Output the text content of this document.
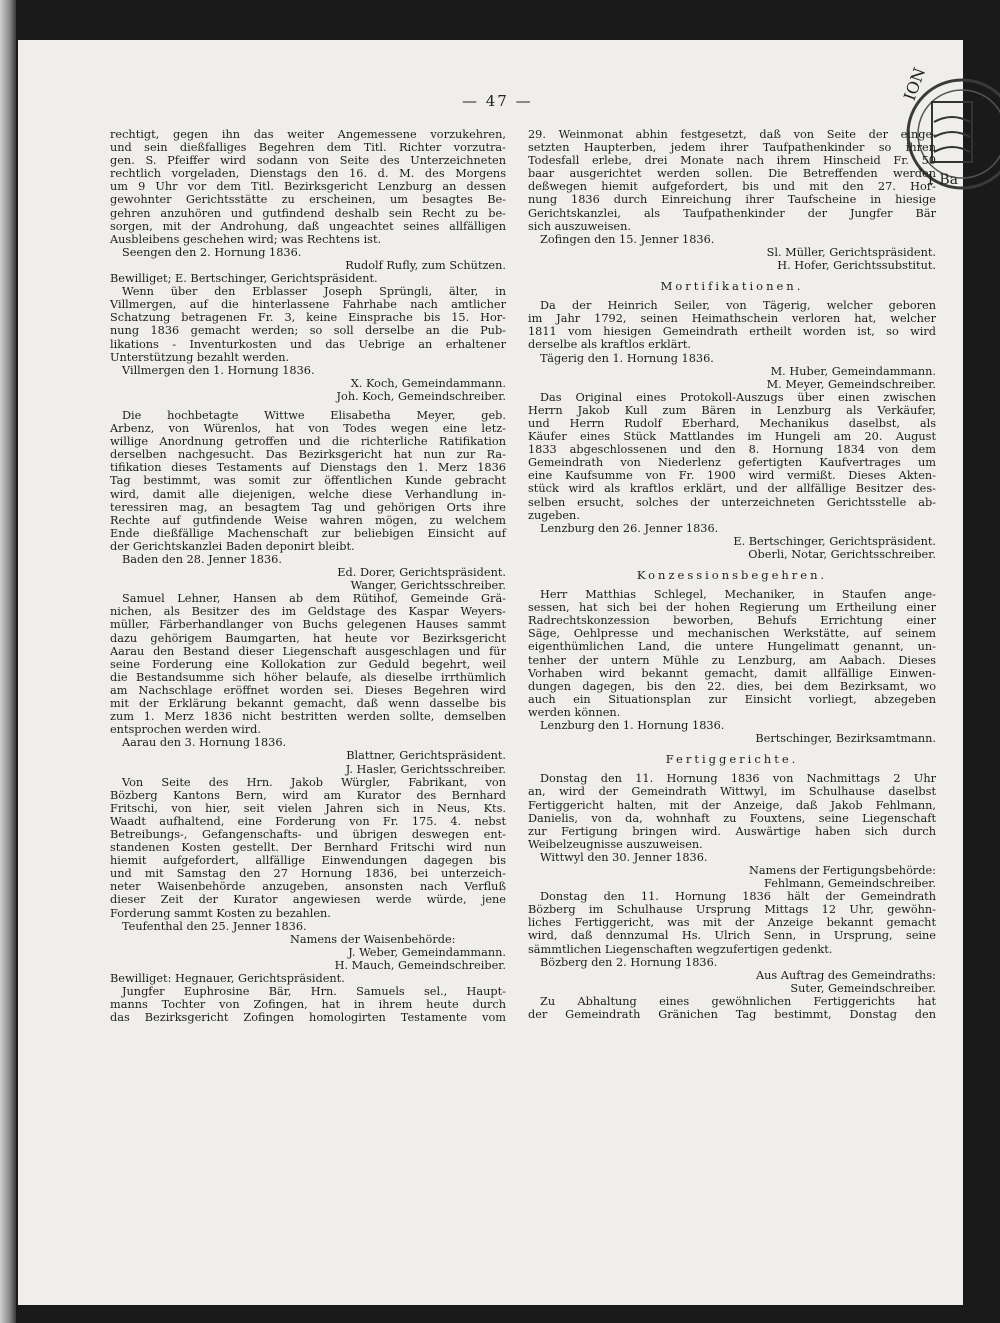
— 47 —	ION
1 Ba
rechtigt, gegen ihn das weiter Angemessene vorzukehren,
und sein dießfalliges Begehren dem Titl. Richter vorzutra-
gen. S. Pfeiffer wird sodann von Seite des Unterzeichneten
rechtlich vorgeladen, Dienstags den 16. d. M. des Morgens
um 9 Uhr vor dem Titl. Bezirksgericht Lenzburg an dessen
gewohnter Gerichtsstätte zu erscheinen, um besagtes Be-
gehren anzuhören und gutfindend deshalb sein Recht zu be-
sorgen, mit der Androhung, daß ungeachtet seines allfälligen
Ausbleibens geschehen wird; was Rechtens ist.
Seengen den 2. Hornung 1836.
Rudolf Rufly, zum Schützen.
Bewilliget; E. Bertschinger, Gerichtspräsident.
Wenn über den Erblasser Joseph Sprüngli, älter, in
Villmergen, auf die hinterlassene Fahrhabe nach amtlicher
Schatzung betragenen Fr. 3, keine Einsprache bis 15. Hor-
nung 1836 gemacht werden; so soll derselbe an die Pub-
likations - Inventurkosten und das Uebrige an erhaltener
Unterstützung bezahlt werden.
Villmergen den 1. Hornung 1836.
X. Koch, Gemeindammann.
Joh. Koch, Gemeindschreiber.
Die hochbetagte Wittwe Elisabetha Meyer, geb.
Arbenz, von Würenlos, hat von Todes wegen eine letz-
willige Anordnung getroffen und die richterliche Ratifikation
derselben nachgesucht. Das Bezirksgericht hat nun zur Ra-
tifikation dieses Testaments auf Dienstags den 1. Merz 1836
Tag bestimmt, was somit zur öffentlichen Kunde gebracht
wird, damit alle diejenigen, welche diese Verhandlung in-
teressiren mag, an besagtem Tag und gehörigen Orts ihre
Rechte auf gutfindende Weise wahren mögen, zu welchem
Ende dießfällige Machenschaft zur beliebigen Einsicht auf
der Gerichtskanzlei Baden deponirt bleibt.
Baden den 28. Jenner 1836.
Ed. Dorer, Gerichtspräsident.
Wanger, Gerichtsschreiber.
Samuel Lehner, Hansen ab dem Rütihof, Gemeinde Grä-
nichen, als Besitzer des im Geldstage des Kaspar Weyers-
müller, Färberhandlanger von Buchs gelegenen Hauses sammt
dazu gehörigem Baumgarten, hat heute vor Bezirksgericht
Aarau den Bestand dieser Liegenschaft ausgeschlagen und für
seine Forderung eine Kollokation zur Geduld begehrt, weil
die Bestandsumme sich höher belaufe, als dieselbe irrthümlich
am Nachschlage eröffnet worden sei. Dieses Begehren wird
mit der Erklärung bekannt gemacht, daß wenn dasselbe bis
zum 1. Merz 1836 nicht bestritten werden sollte, demselben
entsprochen werden wird.
Aarau den 3. Hornung 1836.
Blattner, Gerichtspräsident.
J. Hasler, Gerichtsschreiber.
Von Seite des Hrn. Jakob Würgler, Fabrikant, von
Bözberg Kantons Bern, wird am Kurator des Bernhard
Fritschi, von hier, seit vielen Jahren sich in Neus, Kts.
Waadt aufhaltend, eine Forderung von Fr. 175. 4. nebst
Betreibungs-, Gefangenschafts- und übrigen deswegen ent-
standenen Kosten gestellt. Der Bernhard Fritschi wird nun
hiemit aufgefordert, allfällige Einwendungen dagegen bis
und mit Samstag den 27 Hornung 1836, bei unterzeich-
neter Waisenbehörde anzugeben, ansonsten nach Verfluß
dieser Zeit der Kurator angewiesen werde würde, jene
Forderung sammt Kosten zu bezahlen.
Teufenthal den 25. Jenner 1836.
Namens der Waisenbehörde:
J. Weber, Gemeindammann.
H. Mauch, Gemeindschreiber.
Bewilliget: Hegnauer, Gerichtspräsident.
Jungfer Euphrosine Bär, Hrn. Samuels sel., Haupt-
manns Tochter von Zofingen, hat in ihrem heute durch
das Bezirksgericht Zofingen homologirten Testamente vom
29. Weinmonat abhin festgesetzt, daß von Seite der einge-
setzten Haupterben, jedem ihrer Taufpathenkinder so ihren
Todesfall erlebe, drei Monate nach ihrem Hinscheid Fr. 50
baar ausgerichtet werden sollen. Die Betreffenden werden
deßwegen hiemit aufgefordert, bis und mit den 27. Hor-
nung 1836 durch Einreichung ihrer Taufscheine in hiesige
Gerichtskanzlei, als Taufpathenkinder der Jungfer Bär
sich auszuweisen.
Zofingen den 15. Jenner 1836.
Sl. Müller, Gerichtspräsident.
H. Hofer, Gerichtssubstitut.
Mortifikationen.
Da der Heinrich Seiler, von Tägerig, welcher geboren
im Jahr 1792, seinen Heimathschein verloren hat, welcher
1811 vom hiesigen Gemeindrath ertheilt worden ist, so wird
derselbe als kraftlos erklärt.
Tägerig den 1. Hornung 1836.
M. Huber, Gemeindammann.
M. Meyer, Gemeindschreiber.
Das Original eines Protokoll-Auszugs über einen zwischen
Herrn Jakob Kull zum Bären in Lenzburg als Verkäufer,
und Herrn Rudolf Eberhard, Mechanikus daselbst, als
Käufer eines Stück Mattlandes im Hungeli am 20. August
1833 abgeschlossenen und den 8. Hornung 1834 von dem
Gemeindrath von Niederlenz gefertigten Kaufvertrages um
eine Kaufsumme von Fr. 1900 wird vermißt. Dieses Akten-
stück wird als kraftlos erklärt, und der allfällige Besitzer des-
selben ersucht, solches der unterzeichneten Gerichtsstelle ab-
zugeben.
Lenzburg den 26. Jenner 1836.
E. Bertschinger, Gerichtspräsident.
Oberli, Notar, Gerichtsschreiber.
Konzessionsbegehren.
Herr Matthias Schlegel, Mechaniker, in Staufen ange-
sessen, hat sich bei der hohen Regierung um Ertheilung einer
Radrechtskonzession beworben, Behufs Errichtung einer
Säge, Oehlpresse und mechanischen Werkstätte, auf seinem
eigenthümlichen Land, die untere Hungelimatt genannt, un-
tenher der untern Mühle zu Lenzburg, am Aabach. Dieses
Vorhaben wird bekannt gemacht, damit allfällige Einwen-
dungen dagegen, bis den 22. dies, bei dem Bezirksamt, wo
auch ein Situationsplan zur Einsicht vorliegt, abzegeben
werden können.
Lenzburg den 1. Hornung 1836.
Bertschinger, Bezirksamtmann.
Fertiggerichte.
Donstag den 11. Hornung 1836 von Nachmittags 2 Uhr
an, wird der Gemeindrath Wittwyl, im Schulhause daselbst
Fertiggericht halten, mit der Anzeige, daß Jakob Fehlmann,
Danielis, von da, wohnhaft zu Fouxtens, seine Liegenschaft
zur Fertigung bringen wird. Auswärtige haben sich durch
Weibelzeugnisse auszuweisen.
Wittwyl den 30. Jenner 1836.
Namens der Fertigungsbehörde:
Fehlmann, Gemeindschreiber.
Donstag den 11. Hornung 1836 hält der Gemeindrath
Bözberg im Schulhause Ursprung Mittags 12 Uhr, gewöhn-
liches Fertiggericht, was mit der Anzeige bekannt gemacht
wird, daß dennzumal Hs. Ulrich Senn, in Ursprung, seine
sämmtlichen Liegenschaften wegzufertigen gedenkt.
Bözberg den 2. Hornung 1836.
Aus Auftrag des Gemeindraths:
Suter, Gemeindschreiber.
Zu Abhaltung eines gewöhnlichen Fertiggerichts hat
der Gemeindrath Gränichen Tag bestimmt, Donstag den
